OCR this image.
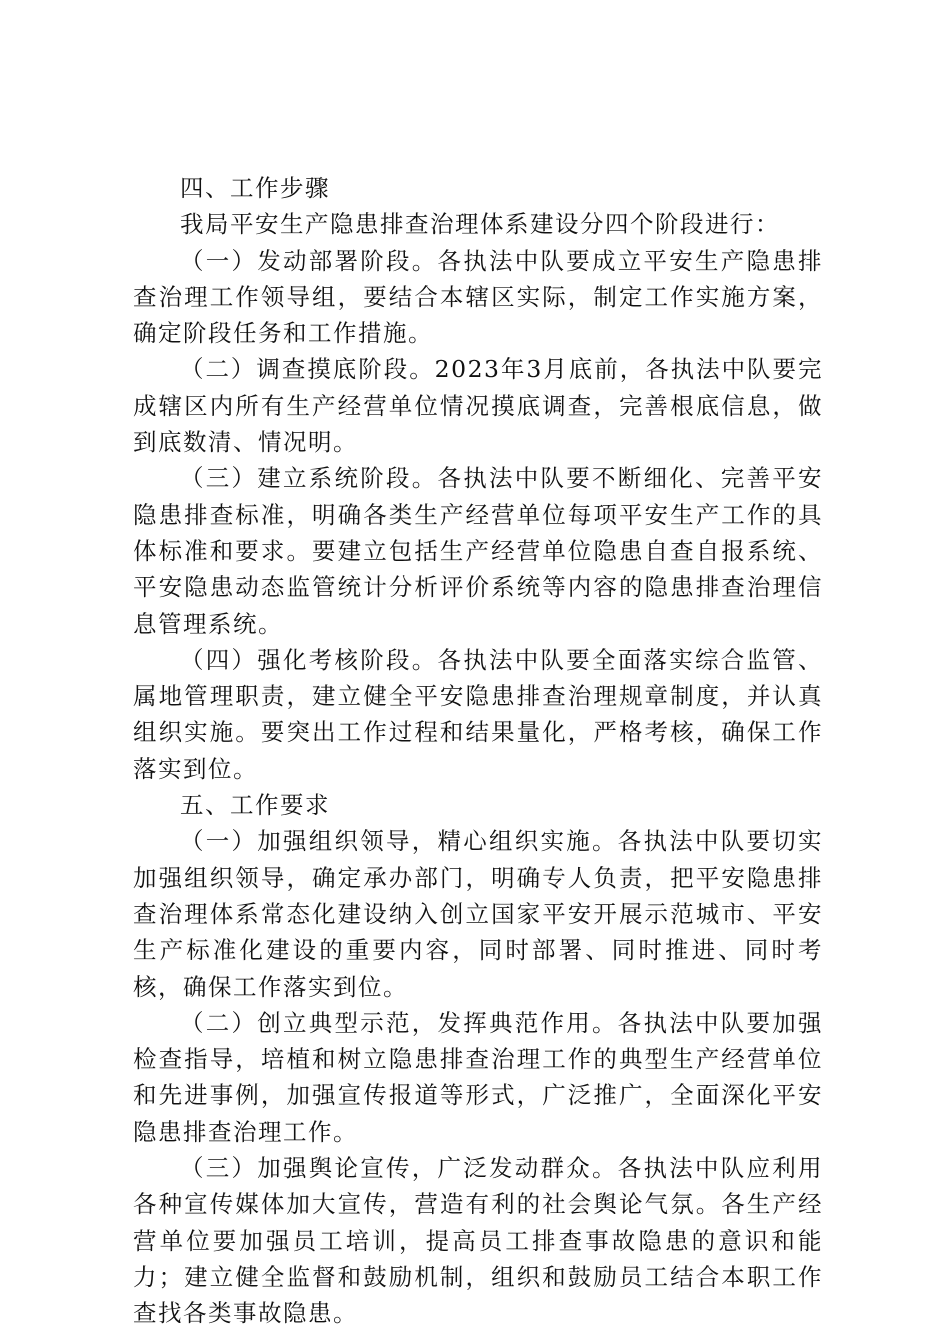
四、工作步骤

我局平安生产隐患排查治理体系建设分四个阶段进行：

（一）发动部署阶段。各执法中队要成立平安生产隐患排查治理工作领导组，要结合本辖区实际，制定工作实施方案，确定阶段任务和工作措施。

（二）调查摸底阶段。2023年3月底前，各执法中队要完成辖区内所有生产经营单位情况摸底调查，完善根底信息，做到底数清、情况明。

（三）建立系统阶段。各执法中队要不断细化、完善平安隐患排查标准，明确各类生产经营单位每项平安生产工作的具体标准和要求。要建立包括生产经营单位隐患自查自报系统、平安隐患动态监管统计分析评价系统等内容的隐患排查治理信息管理系统。

（四）强化考核阶段。各执法中队要全面落实综合监管、属地管理职责，建立健全平安隐患排查治理规章制度，并认真组织实施。要突出工作过程和结果量化，严格考核，确保工作落实到位。

五、工作要求

（一）加强组织领导，精心组织实施。各执法中队要切实加强组织领导，确定承办部门，明确专人负责，把平安隐患排查治理体系常态化建设纳入创立国家平安开展示范城市、平安生产标准化建设的重要内容，同时部署、同时推进、同时考核，确保工作落实到位。

（二）创立典型示范，发挥典范作用。各执法中队要加强检查指导，培植和树立隐患排查治理工作的典型生产经营单位和先进事例，加强宣传报道等形式，广泛推广，全面深化平安隐患排查治理工作。

（三）加强舆论宣传，广泛发动群众。各执法中队应利用各种宣传媒体加大宣传，营造有利的社会舆论气氛。各生产经营单位要加强员工培训，提高员工排查事故隐患的意识和能力；建立健全监督和鼓励机制，组织和鼓励员工结合本职工作查找各类事故隐患。
